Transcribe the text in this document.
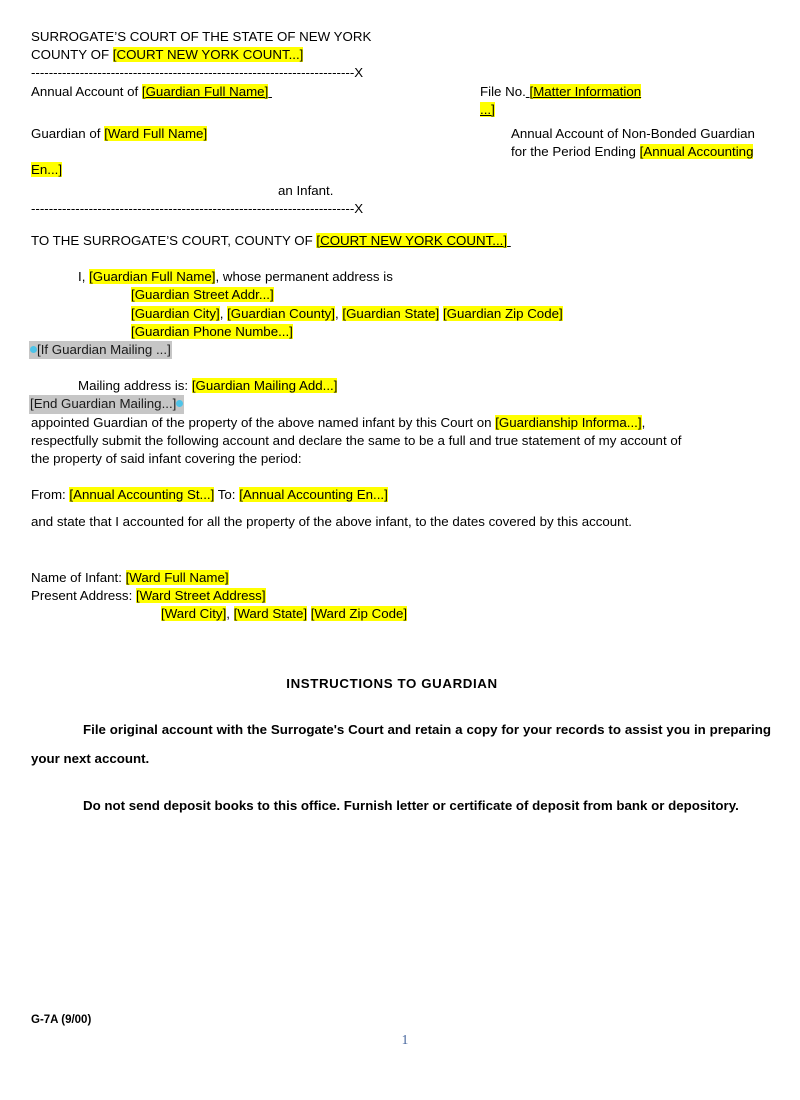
SURROGATE’S COURT OF THE STATE OF NEW YORK
COUNTY OF [COURT NEW YORK COUNT...]
-------------------------------------------------------------------------X
Annual Account of [Guardian Full Name]	File No. [Matter Information
...]
Guardian of [Ward Full Name]	Annual Account of Non-Bonded Guardian
for the Period Ending [Annual Accounting
En...]
an Infant.
-------------------------------------------------------------------------X
TO THE SURROGATE’S COURT, COUNTY OF [COURT NEW YORK COUNT...]
I, [Guardian Full Name], whose permanent address is
[Guardian Street Addr...]
[Guardian City], [Guardian County], [Guardian State] [Guardian Zip Code]
[Guardian Phone Numbe...]
[If Guardian Mailing ...]
Mailing address is: [Guardian Mailing Add...]
[End Guardian Mailing...]
appointed Guardian of the property of the above named infant by this Court on [Guardianship Informa...],
respectfully submit the following account and declare the same to be a full and true statement of my account of
the property of said infant covering the period:
From: [Annual Accounting St...] To: [Annual Accounting En...]
and state that I accounted for all the property of the above infant, to the dates covered by this account.
Name of Infant: [Ward Full Name]
Present Address: [Ward Street Address]
[Ward City], [Ward State] [Ward Zip Code]
INSTRUCTIONS TO GUARDIAN
File original account with the Surrogate's Court and retain a copy for your records to assist you in preparing your next account.
Do not send deposit books to this office. Furnish letter or certificate of deposit from bank or depository.
G-7A (9/00)
1
